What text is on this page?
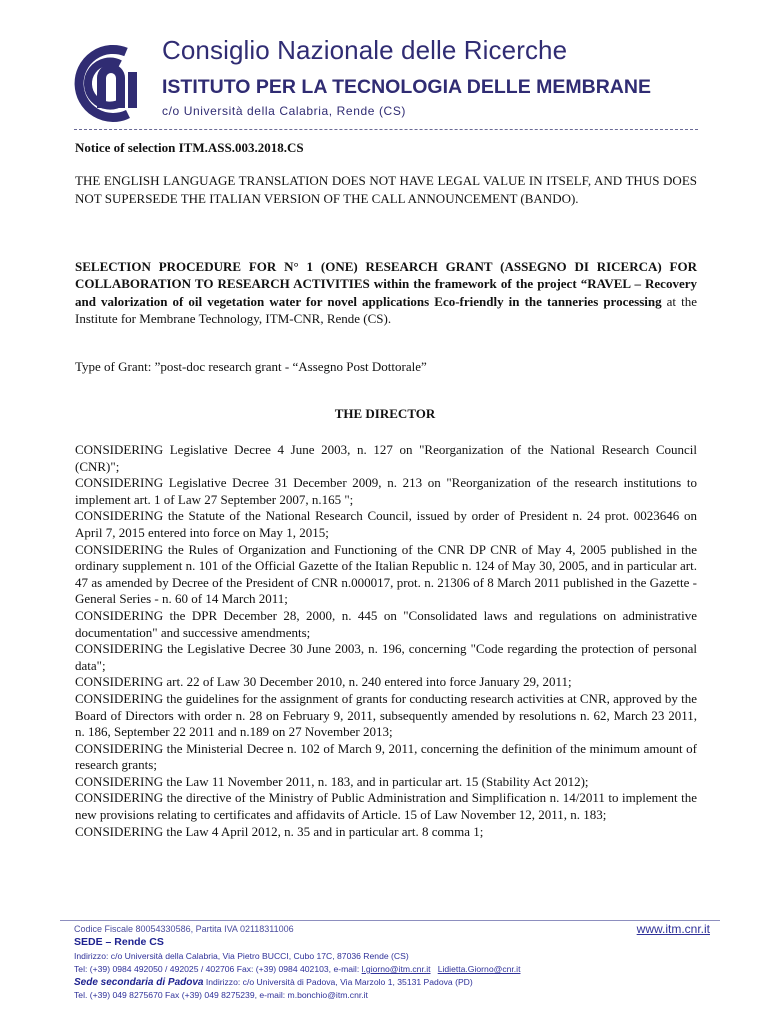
Consiglio Nazionale delle Ricerche
ISTITUTO PER LA TECNOLOGIA DELLE MEMBRANE
c/o Università della Calabria, Rende (CS)
Notice of selection ITM.ASS.003.2018.CS
THE ENGLISH LANGUAGE TRANSLATION DOES NOT HAVE LEGAL VALUE IN ITSELF, AND THUS DOES NOT SUPERSEDE THE ITALIAN VERSION OF THE CALL ANNOUNCEMENT (BANDO).
SELECTION PROCEDURE FOR N° 1 (ONE) RESEARCH GRANT (ASSEGNO DI RICERCA) FOR COLLABORATION TO RESEARCH ACTIVITIES within the framework of the project “RAVEL – Recovery and valorization of oil vegetation water for novel applications Eco-friendly in the tanneries processing at the Institute for Membrane Technology, ITM-CNR, Rende (CS).
Type of Grant: ”post-doc research grant - “Assegno Post Dottorale”
THE DIRECTOR

CONSIDERING Legislative Decree 4 June 2003, n. 127 on "Reorganization of the National Research Council (CNR)";

CONSIDERING Legislative Decree 31 December 2009, n. 213 on "Reorganization of the research institutions to implement art. 1 of Law 27 September 2007, n.165 ";

CONSIDERING the Statute of the National Research Council, issued by order of President n. 24 prot. 0023646 on April 7, 2015 entered into force on May 1, 2015;

CONSIDERING the Rules of Organization and Functioning of the CNR DP CNR of May 4, 2005 published in the ordinary supplement n. 101 of the Official Gazette of the Italian Republic n. 124 of May 30, 2005, and in particular art. 47 as amended by Decree of the President of CNR n.000017, prot. n. 21306 of 8 March 2011 published in the Gazette - General Series - n. 60 of 14 March 2011;

CONSIDERING the DPR December 28, 2000, n. 445 on "Consolidated laws and regulations on administrative documentation" and successive amendments;

CONSIDERING the Legislative Decree 30 June 2003, n. 196, concerning "Code regarding the protection of personal data";

CONSIDERING art. 22 of Law 30 December 2010, n. 240 entered into force January 29, 2011;

CONSIDERING the guidelines for the assignment of grants for conducting research activities at CNR, approved by the Board of Directors with order n. 28 on February 9, 2011, subsequently amended by resolutions n. 62, March 23 2011, n. 186, September 22 2011 and n.189 on 27 November 2013;

CONSIDERING the Ministerial Decree n. 102 of March 9, 2011, concerning the definition of the minimum amount of research grants;

CONSIDERING the Law 11 November 2011, n. 183, and in particular art. 15 (Stability Act 2012);

CONSIDERING the directive of the Ministry of Public Administration and Simplification n. 14/2011 to implement the new provisions relating to certificates and affidavits of Article. 15 of Law November 12, 2011, n. 183;

CONSIDERING the Law 4 April 2012, n. 35 and in particular art. 8 comma 1;

Codice Fiscale 80054330586, Partita IVA 02118311006	www.itm.cnr.it
SEDE – Rende CS
Indirizzo: c/o Università della Calabria, Via Pietro BUCCI, Cubo 17C, 87036 Rende (CS)
Tel: (+39) 0984 492050 / 492025 / 402706 Fax: (+39) 0984 402103, e-mail: l.giorno@itm.cnr.it Lidietta.Giorno@cnr.it
Sede secondaria di Padova Indirizzo: c/o Università di Padova, Via Marzolo 1, 35131 Padova (PD)
Tel. (+39) 049 8275670 Fax (+39) 049 8275239, e-mail: m.bonchio@itm.cnr.it
